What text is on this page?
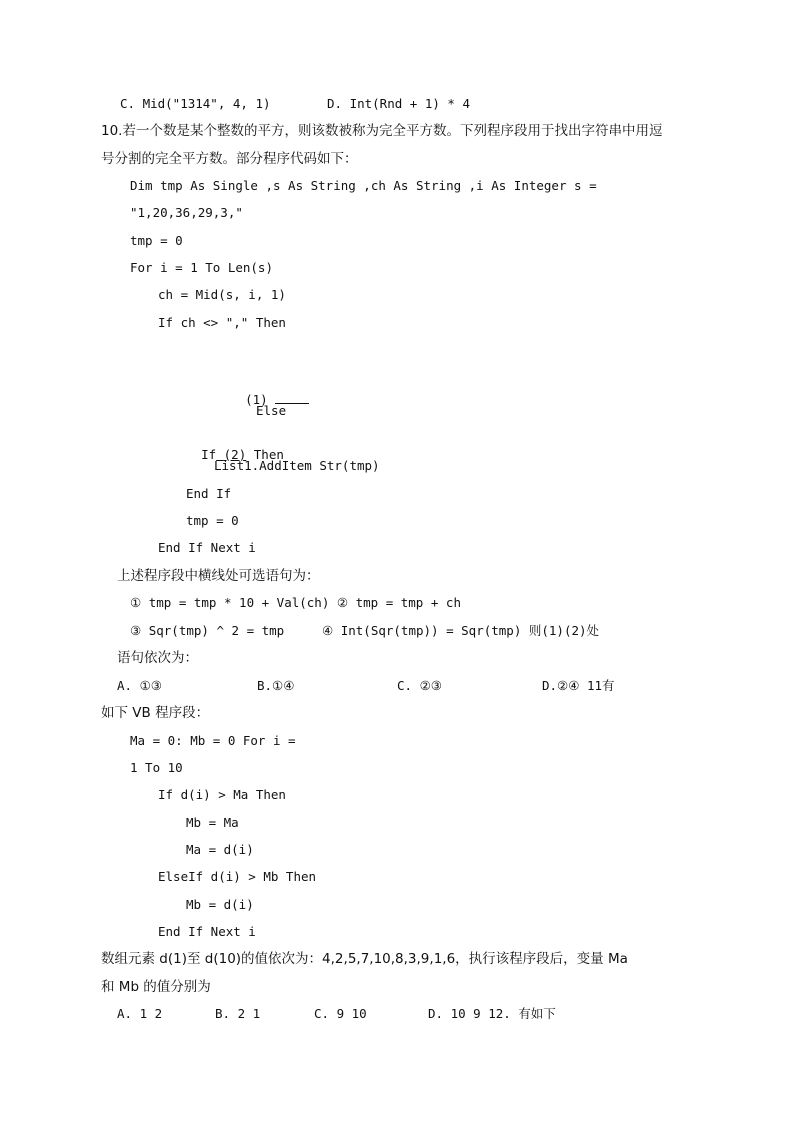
C. Mid("1314", 4, 1)	D. Int(Rnd + 1) * 4
10.若一个数是某个整数的平方，则该数被称为完全平方数。下列程序段用于找出字符串中用逗
号分割的完全平方数。部分程序代码如下：
Dim tmp As Single ,s As String ,ch As String ,i As Integer s =
"1,20,36,29,3,"
tmp = 0
For i = 1 To Len(s)
ch = Mid(s, i, 1)
If ch <> "," Then

(1)

Else

If (2) Then

List1.AddItem Str(tmp)
End If
tmp = 0
End If Next i
上述程序段中横线处可选语句为：
① tmp = tmp * 10 + Val(ch) ② tmp = tmp + ch
③ Sqr(tmp) ^ 2 = tmp	④ Int(Sqr(tmp)) = Sqr(tmp) 则(1)(2)处
语句依次为：
A. ①③	B.①④	C. ②③	D.②④ 11有
如下 VB 程序段：
Ma = 0: Mb = 0 For i =
1 To 10
If d(i) > Ma Then
Mb = Ma
Ma = d(i)
ElseIf d(i) > Mb Then
Mb = d(i)
End If Next i
数组元素 d(1)至 d(10)的值依次为：4,2,5,7,10,8,3,9,1,6，执行该程序段后，变量 Ma
和 Mb 的值分别为
A. 1 2	B. 2 1	C. 9 10	D. 10 9 12. 有如下
